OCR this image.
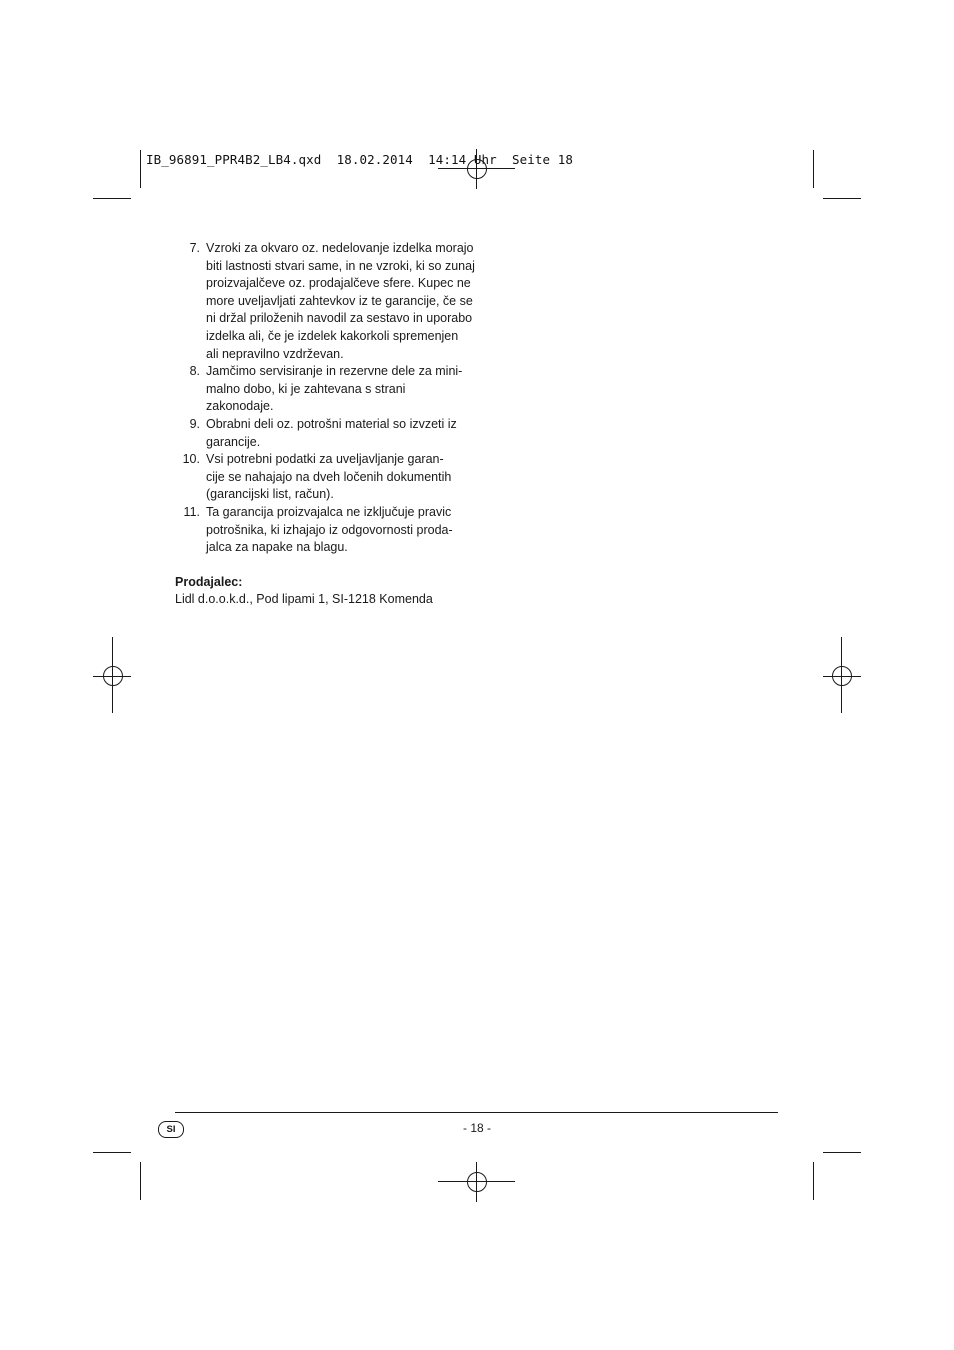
IB_96891_PPR4B2_LB4.qxd  18.02.2014  14:14 Uhr  Seite 18
7. Vzroki za okvaro oz. nedelovanje izdelka morajo
biti lastnosti stvari same, in ne vzroki, ki so zunaj
proizvajalčeve oz. prodajalčeve sfere. Kupec ne
more uveljavljati zahtevkov iz te garancije, če se
ni držal priloženih navodil za sestavo in uporabo
izdelka ali, če je izdelek kakorkoli spremenjen
ali nepravilno vzdrževan.
8. Jamčimo servisiranje in rezervne dele za mini-
malno dobo, ki je zahtevana s strani zakonodaje.
9. Obrabni deli oz. potrošni material so izvzeti iz
garancije.
10. Vsi potrebni podatki za uveljavljanje garan-
cije se nahajajo na dveh ločenih dokumentih
(garancijski list, račun).
11. Ta garancija proizvajalca ne izključuje pravic
potrošnika, ki izhajajo iz odgovornosti proda-
jalca za napake na blagu.
Prodajalec:
Lidl d.o.o.k.d., Pod lipami 1, SI-1218 Komenda
SI	- 18 -
